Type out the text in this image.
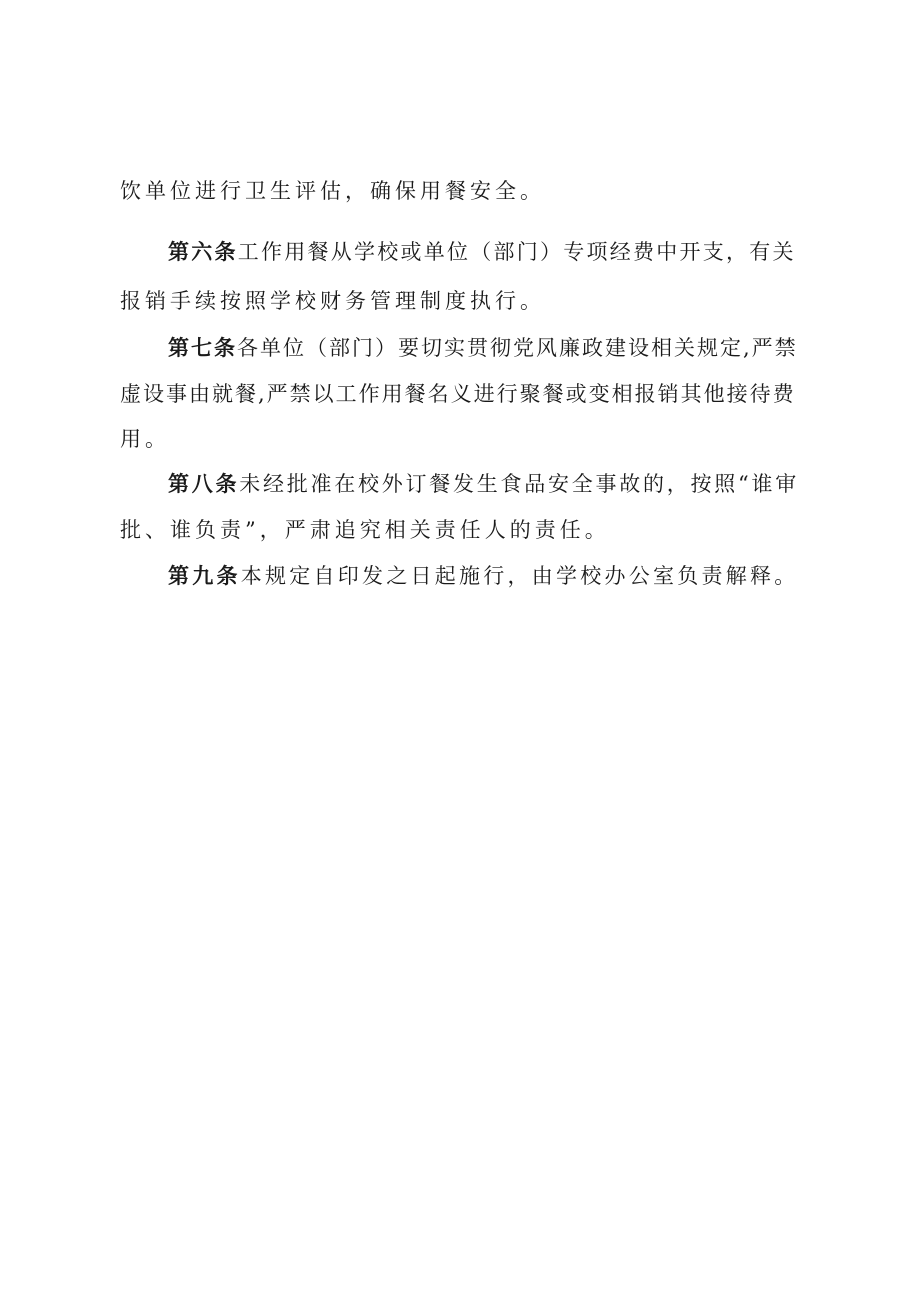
饮单位进行卫生评估，确保用餐安全。
第六条工作用餐从学校或单位（部门）专项经费中开支，有关
报销手续按照学校财务管理制度执行。
第七条各单位（部门）要切实贯彻党风廉政建设相关规定,严禁
虚设事由就餐,严禁以工作用餐名义进行聚餐或变相报销其他接待费
用。
第八条未经批准在校外订餐发生食品安全事故的，按照“谁审
批、谁负责”，严肃追究相关责任人的责任。
第九条本规定自印发之日起施行，由学校办公室负责解释。
